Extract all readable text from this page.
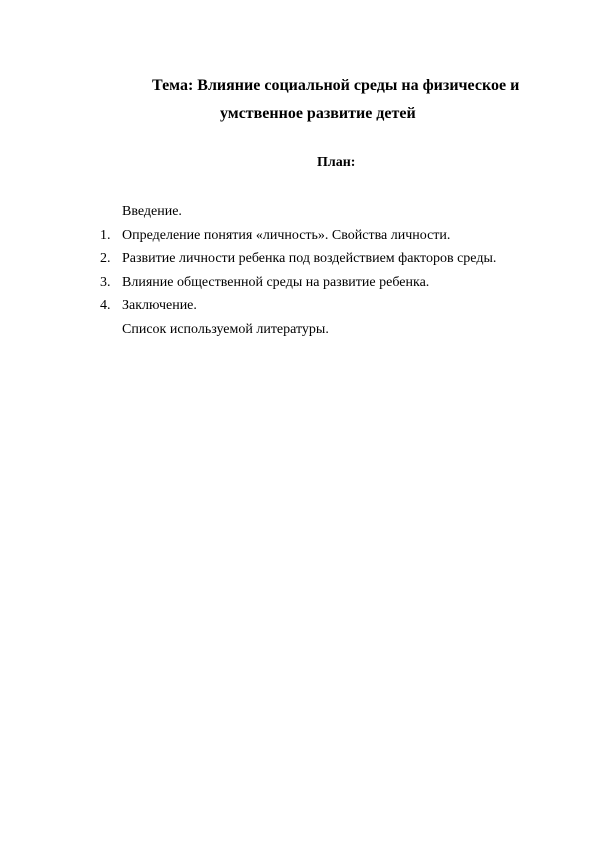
Тема: Влияние социальной среды на физическое и
умственное развитие детей
План:
Введение.
1. Определение понятия «личность». Свойства личности.
2. Развитие личности ребенка под воздействием факторов среды.
3. Влияние общественной среды на развитие ребенка.
4. Заключение.
Список используемой литературы.
